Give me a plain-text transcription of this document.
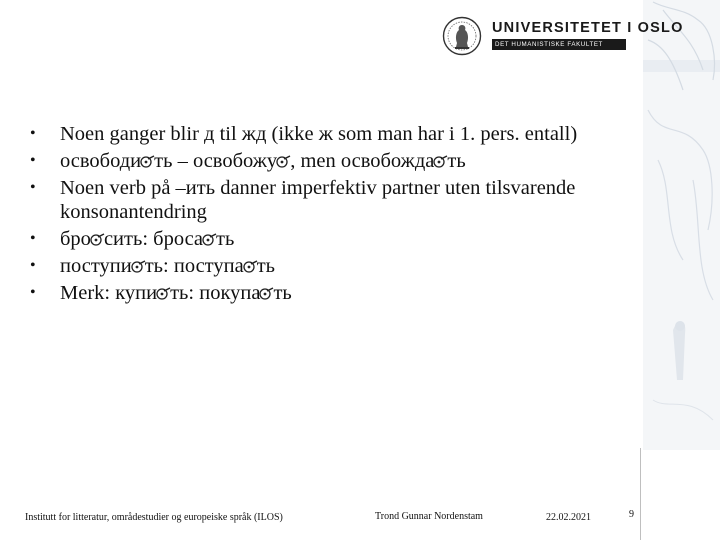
UNIVERSITETET I OSLO
DET HUMANISTISKE FAKULTET
•	Noen ganger blir д til жд (ikke ж som man har i 1. pers. entall)
•	освободи ть – освобожу , men освобожда ть
•	Noen verb på –ить danner imperfektiv partner uten tilsvarende konsonantendring
•	бро сить: броса ть
•	поступи ть: поступа ть
•	Merk: купи ть: покупа ть
Institutt for litteratur, områdestudier og europeiske språk (ILOS)	Trond Gunnar Nordenstam	22.02.2021	9
